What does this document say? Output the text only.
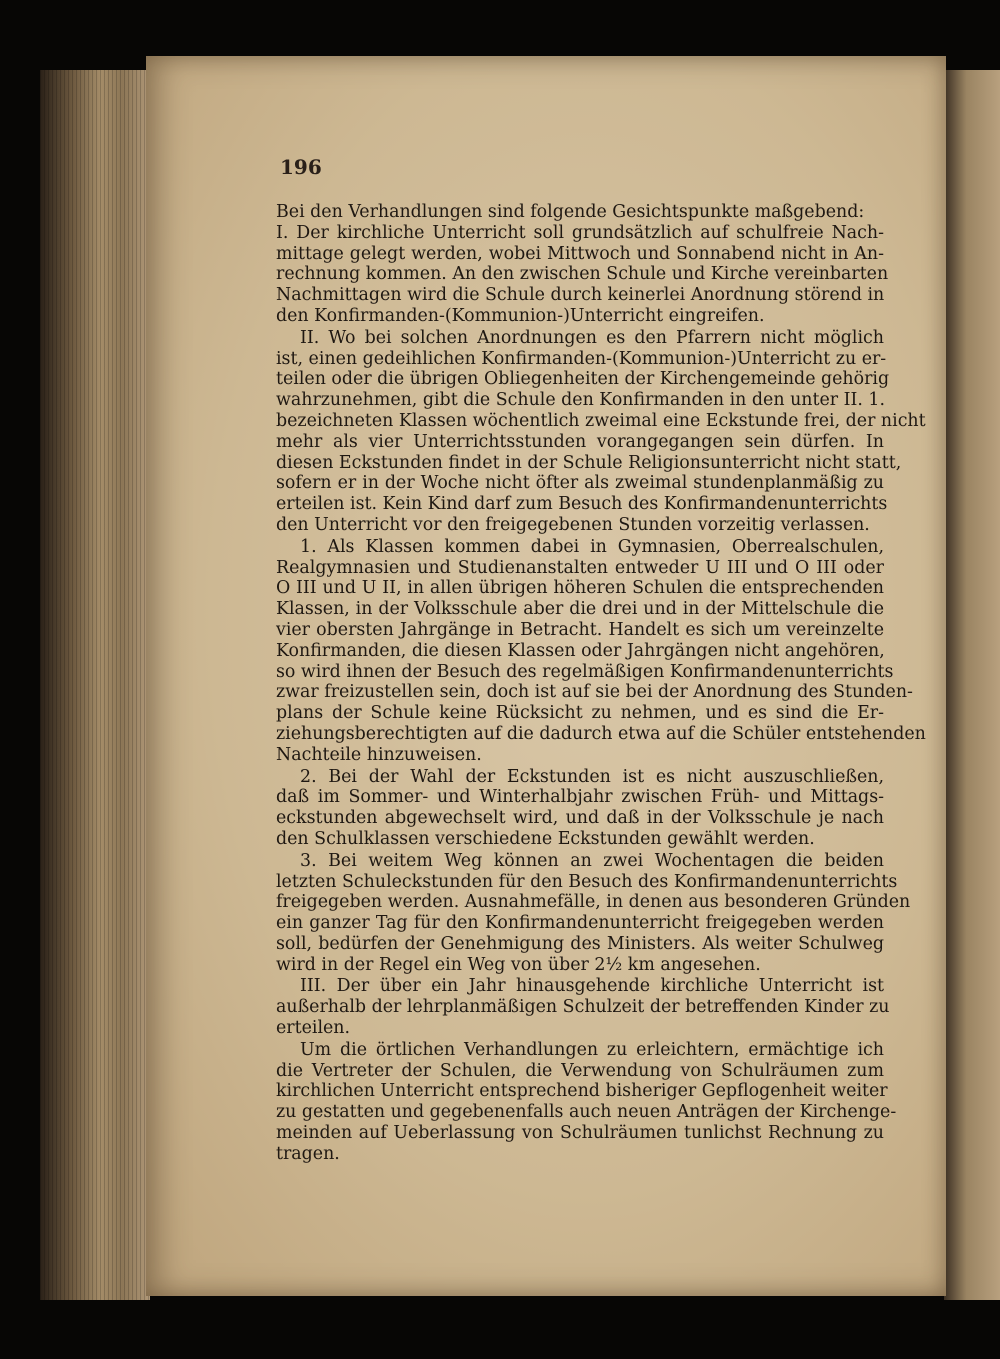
196
Bei den Verhandlungen sind folgende Gesichtspunkte maßgebend:
I. Der kirchliche Unterricht soll grundsätzlich auf schulfreie Nach-
mittage gelegt werden, wobei Mittwoch und Sonnabend nicht in An-
rechnung kommen. An den zwischen Schule und Kirche vereinbarten
Nachmittagen wird die Schule durch keinerlei Anordnung störend in
den Konfirmanden-(Kommunion-)Unterricht eingreifen.
II. Wo bei solchen Anordnungen es den Pfarrern nicht möglich
ist, einen gedeihlichen Konfirmanden-(Kommunion-)Unterricht zu er-
teilen oder die übrigen Obliegenheiten der Kirchengemeinde gehörig
wahrzunehmen, gibt die Schule den Konfirmanden in den unter II. 1.
bezeichneten Klassen wöchentlich zweimal eine Eckstunde frei, der nicht
mehr als vier Unterrichtsstunden vorangegangen sein dürfen. In
diesen Eckstunden findet in der Schule Religionsunterricht nicht statt,
sofern er in der Woche nicht öfter als zweimal stundenplanmäßig zu
erteilen ist. Kein Kind darf zum Besuch des Konfirmandenunterrichts
den Unterricht vor den freigegebenen Stunden vorzeitig verlassen.
1. Als Klassen kommen dabei in Gymnasien, Oberrealschulen,
Realgymnasien und Studienanstalten entweder U III und O III oder
O III und U II, in allen übrigen höheren Schulen die entsprechenden
Klassen, in der Volksschule aber die drei und in der Mittelschule die
vier obersten Jahrgänge in Betracht. Handelt es sich um vereinzelte
Konfirmanden, die diesen Klassen oder Jahrgängen nicht angehören,
so wird ihnen der Besuch des regelmäßigen Konfirmandenunterrichts
zwar freizustellen sein, doch ist auf sie bei der Anordnung des Stunden-
plans der Schule keine Rücksicht zu nehmen, und es sind die Er-
ziehungsberechtigten auf die dadurch etwa auf die Schüler entstehenden
Nachteile hinzuweisen.
2. Bei der Wahl der Eckstunden ist es nicht auszuschließen,
daß im Sommer- und Winterhalbjahr zwischen Früh- und Mittags-
eckstunden abgewechselt wird, und daß in der Volksschule je nach
den Schulklassen verschiedene Eckstunden gewählt werden.
3. Bei weitem Weg können an zwei Wochentagen die beiden
letzten Schuleckstunden für den Besuch des Konfirmandenunterrichts
freigegeben werden. Ausnahmefälle, in denen aus besonderen Gründen
ein ganzer Tag für den Konfirmandenunterricht freigegeben werden
soll, bedürfen der Genehmigung des Ministers. Als weiter Schulweg
wird in der Regel ein Weg von über 2½ km angesehen.
III. Der über ein Jahr hinausgehende kirchliche Unterricht ist
außerhalb der lehrplanmäßigen Schulzeit der betreffenden Kinder zu
erteilen.
Um die örtlichen Verhandlungen zu erleichtern, ermächtige ich
die Vertreter der Schulen, die Verwendung von Schulräumen zum
kirchlichen Unterricht entsprechend bisheriger Gepflogenheit weiter
zu gestatten und gegebenenfalls auch neuen Anträgen der Kirchenge-
meinden auf Ueberlassung von Schulräumen tunlichst Rechnung zu
tragen.
